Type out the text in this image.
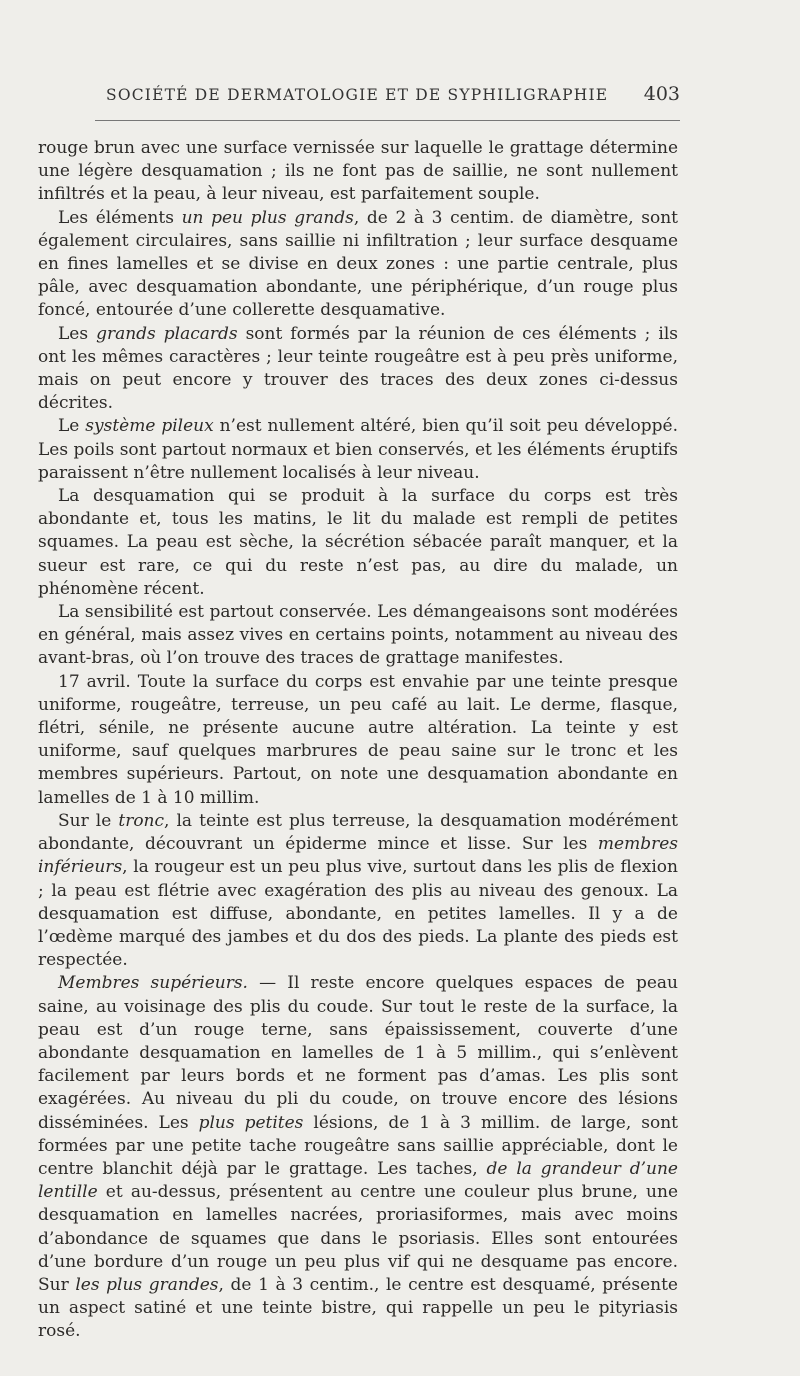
SOCIÉTÉ DE DERMATOLOGIE ET DE SYPHILIGRAPHIE 403

rouge brun avec une surface vernissée sur laquelle le grattage détermine une légère desquamation ; ils ne font pas de saillie, ne sont nullement infiltrés et la peau, à leur niveau, est parfaitement souple.

Les éléments un peu plus grands, de 2 à 3 centim. de diamètre, sont également circulaires, sans saillie ni infiltration ; leur surface desquame en fines lamelles et se divise en deux zones : une partie centrale, plus pâle, avec desquamation abondante, une périphérique, d’un rouge plus foncé, entourée d’une collerette desquamative.

Les grands placards sont formés par la réunion de ces éléments ; ils ont les mêmes caractères ; leur teinte rougeâtre est à peu près uniforme, mais on peut encore y trouver des traces des deux zones ci-dessus décrites.

Le système pileux n’est nullement altéré, bien qu’il soit peu développé. Les poils sont partout normaux et bien conservés, et les éléments éruptifs paraissent n’être nullement localisés à leur niveau.

La desquamation qui se produit à la surface du corps est très abondante et, tous les matins, le lit du malade est rempli de petites squames. La peau est sèche, la sécrétion sébacée paraît manquer, et la sueur est rare, ce qui du reste n’est pas, au dire du malade, un phénomène récent.

La sensibilité est partout conservée. Les démangeaisons sont modérées en général, mais assez vives en certains points, notamment au niveau des avant-bras, où l’on trouve des traces de grattage manifestes.

17 avril. Toute la surface du corps est envahie par une teinte presque uniforme, rougeâtre, terreuse, un peu café au lait. Le derme, flasque, flétri, sénile, ne présente aucune autre altération. La teinte y est uniforme, sauf quelques marbrures de peau saine sur le tronc et les membres supérieurs. Partout, on note une desquamation abondante en lamelles de 1 à 10 millim.

Sur le tronc, la teinte est plus terreuse, la desquamation modérément abondante, découvrant un épiderme mince et lisse. Sur les membres inférieurs, la rougeur est un peu plus vive, surtout dans les plis de flexion ; la peau est flétrie avec exagération des plis au niveau des genoux. La desquamation est diffuse, abondante, en petites lamelles. Il y a de l’œdème marqué des jambes et du dos des pieds. La plante des pieds est respectée.

Membres supérieurs. — Il reste encore quelques espaces de peau saine, au voisinage des plis du coude. Sur tout le reste de la surface, la peau est d’un rouge terne, sans épaississement, couverte d’une abondante desquamation en lamelles de 1 à 5 millim., qui s’enlèvent facilement par leurs bords et ne forment pas d’amas. Les plis sont exagérées. Au niveau du pli du coude, on trouve encore des lésions disséminées. Les plus petites lésions, de 1 à 3 millim. de large, sont formées par une petite tache rougeâtre sans saillie appréciable, dont le centre blanchit déjà par le grattage. Les taches, de la grandeur d’une lentille et au-dessus, présentent au centre une couleur plus brune, une desquamation en lamelles nacrées, proriasiformes, mais avec moins d’abondance de squames que dans le psoriasis. Elles sont entourées d’une bordure d’un rouge un peu plus vif qui ne desquame pas encore. Sur les plus grandes, de 1 à 3 centim., le centre est desquamé, présente un aspect satiné et une teinte bistre, qui rappelle un peu le pityriasis rosé.
